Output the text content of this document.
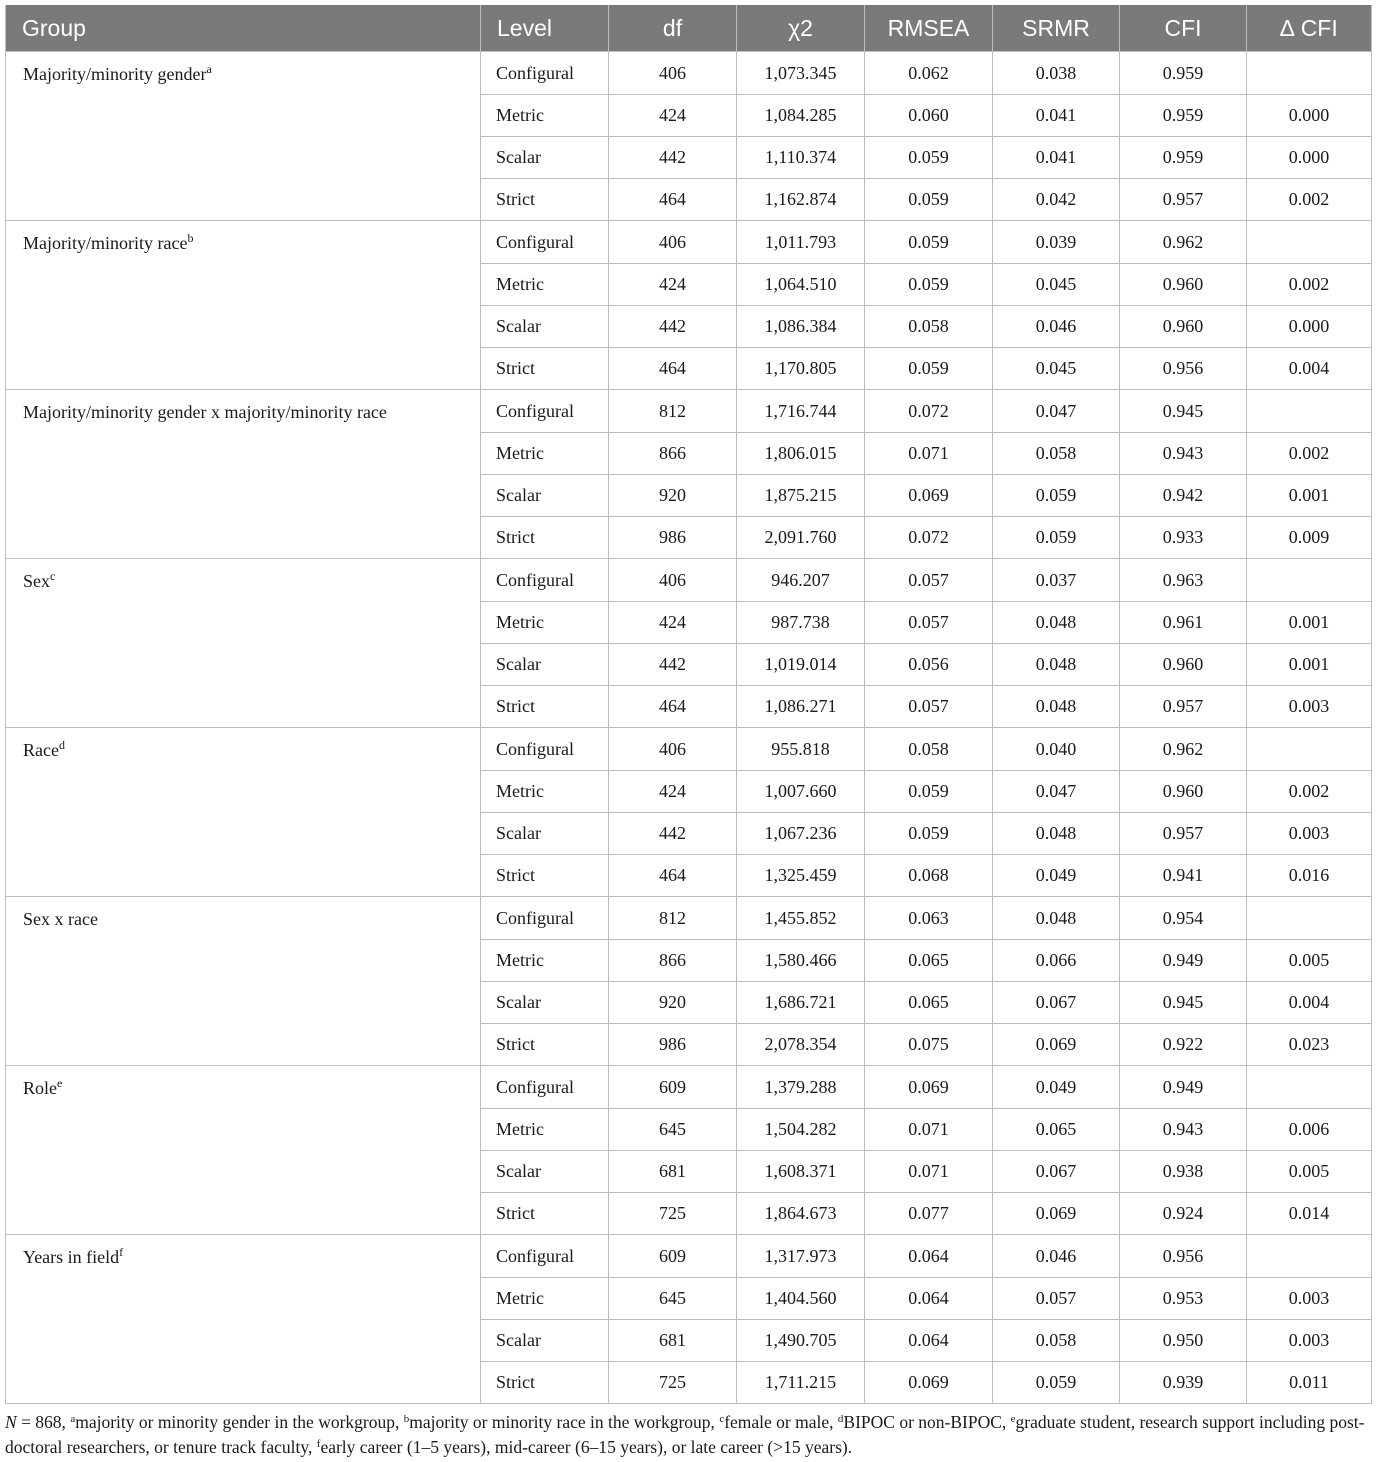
Group	Level	df	χ2	RMSEA	SRMR	CFI	∆ CFI
Majority/minority gender$^a$	Configural	406	1,073.345	0.062	0.038	0.959	
	Metric	424	1,084.285	0.060	0.041	0.959	0.000
	Scalar	442	1,110.374	0.059	0.041	0.959	0.000
	Strict	464	1,162.874	0.059	0.042	0.957	0.002
Majority/minority race$^b$	Configural	406	1,011.793	0.059	0.039	0.962	
	Metric	424	1,064.510	0.059	0.045	0.960	0.002
	Scalar	442	1,086.384	0.058	0.046	0.960	0.000
	Strict	464	1,170.805	0.059	0.045	0.956	0.004
Majority/minority gender x majority/minority race	Configural	812	1,716.744	0.072	0.047	0.945	
	Metric	866	1,806.015	0.071	0.058	0.943	0.002
	Scalar	920	1,875.215	0.069	0.059	0.942	0.001
	Strict	986	2,091.760	0.072	0.059	0.933	0.009
Sex$^c$	Configural	406	946.207	0.057	0.037	0.963	
	Metric	424	987.738	0.057	0.048	0.961	0.001
	Scalar	442	1,019.014	0.056	0.048	0.960	0.001
	Strict	464	1,086.271	0.057	0.048	0.957	0.003
Race$^d$	Configural	406	955.818	0.058	0.040	0.962	
	Metric	424	1,007.660	0.059	0.047	0.960	0.002
	Scalar	442	1,067.236	0.059	0.048	0.957	0.003
	Strict	464	1,325.459	0.068	0.049	0.941	0.016
Sex x race	Configural	812	1,455.852	0.063	0.048	0.954	
	Metric	866	1,580.466	0.065	0.066	0.949	0.005
	Scalar	920	1,686.721	0.065	0.067	0.945	0.004
	Strict	986	2,078.354	0.075	0.069	0.922	0.023
Role$^e$	Configural	609	1,379.288	0.069	0.049	0.949	
	Metric	645	1,504.282	0.071	0.065	0.943	0.006
	Scalar	681	1,608.371	0.071	0.067	0.938	0.005
	Strict	725	1,864.673	0.077	0.069	0.924	0.014
Years in field$^f$	Configural	609	1,317.973	0.064	0.046	0.956	
	Metric	645	1,404.560	0.064	0.057	0.953	0.003
	Scalar	681	1,490.705	0.064	0.058	0.950	0.003
	Strict	725	1,711.215	0.069	0.059	0.939	0.011
N = 868, $^a$majority or minority gender in the workgroup, $^b$majority or minority race in the workgroup, $^c$female or male, $^d$BIPOC or non-BIPOC, $^e$graduate student, research support including post-doctoral researchers, or tenure track faculty, $^f$early career (1–5 years), mid-career (6–15 years), or late career (>15 years).
